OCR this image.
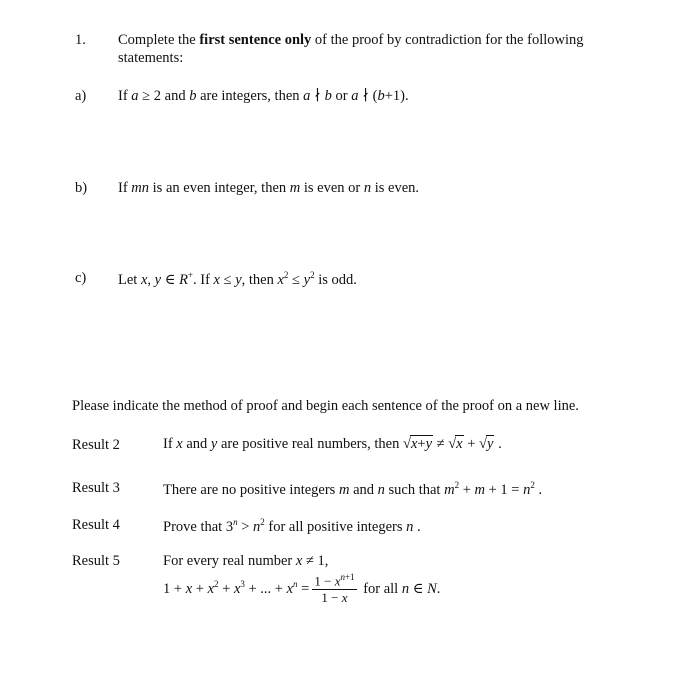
1. Complete the first sentence only of the proof by contradiction for the following
statements:
a) If a ≥ 2 and b are integers, then a ∤ b or a ∤ (b+1).
b) If mn is an even integer, then m is even or n is even.
c) Let x, y ∈ R+. If x ≤ y, then $x^2 \le y^2$ is odd.
Please indicate the method of proof and begin each sentence of the proof on a new line.
Result 2	If x and y are positive real numbers, then √x+y ≠ √x + √y .
Result 3	There are no positive integers m and n such that $m^2 + m + 1 = n^2$ .
Result 4	Prove that $3^n > n^2$ for all positive integers n .
Result 5	For every real number x ≠ 1,
$1 + x + x^2 + x^3$ + ... + $x^n = \frac{1 - x^{n+1}}{1 - x}$ for all n ∈ N.
